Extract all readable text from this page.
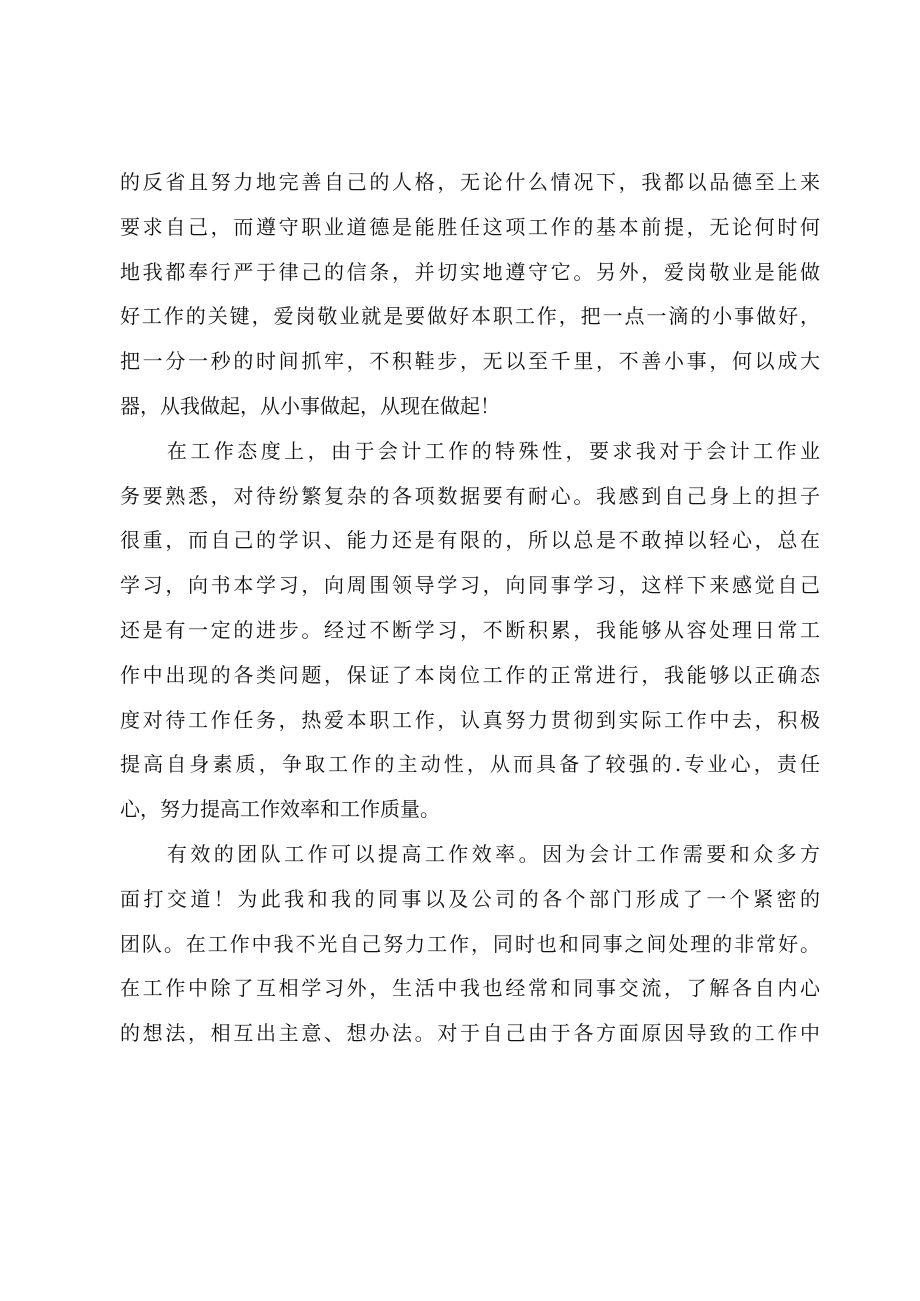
的反省且努力地完善自己的人格，无论什么情况下，我都以品德至上来
要求自己，而遵守职业道德是能胜任这项工作的基本前提，无论何时何
地我都奉行严于律己的信条，并切实地遵守它。另外，爱岗敬业是能做
好工作的关键，爱岗敬业就是要做好本职工作，把一点一滴的小事做好，
把一分一秒的时间抓牢，不积鞋步，无以至千里，不善小事，何以成大
器，从我做起，从小事做起，从现在做起！
　　在工作态度上，由于会计工作的特殊性，要求我对于会计工作业
务要熟悉，对待纷繁复杂的各项数据要有耐心。我感到自己身上的担子
很重，而自己的学识、能力还是有限的，所以总是不敢掉以轻心，总在
学习，向书本学习，向周围领导学习，向同事学习，这样下来感觉自己
还是有一定的进步。经过不断学习，不断积累，我能够从容处理日常工
作中出现的各类问题，保证了本岗位工作的正常进行，我能够以正确态
度对待工作任务，热爱本职工作，认真努力贯彻到实际工作中去，积极
提高自身素质，争取工作的主动性，从而具备了较强的.专业心，责任
心，努力提高工作效率和工作质量。
　　有效的团队工作可以提高工作效率。因为会计工作需要和众多方
面打交道！为此我和我的同事以及公司的各个部门形成了一个紧密的
团队。在工作中我不光自己努力工作，同时也和同事之间处理的非常好。
在工作中除了互相学习外，生活中我也经常和同事交流，了解各自内心
的想法，相互出主意、想办法。对于自己由于各方面原因导致的工作中
